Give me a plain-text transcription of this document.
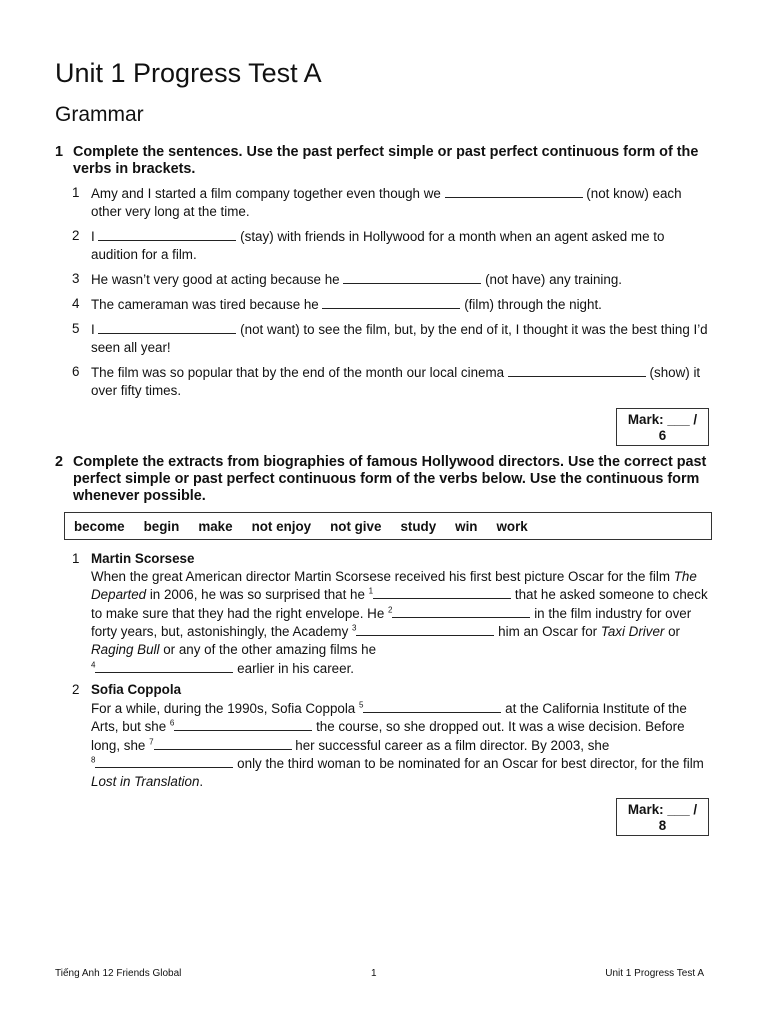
Unit 1 Progress Test A
Grammar
1 Complete the sentences. Use the past perfect simple or past perfect continuous form of the verbs in brackets.
1 Amy and I started a film company together even though we	(not know) each other very long at the time.
2 I	(stay) with friends in Hollywood for a month when an agent asked me to audition for a film.
3 He wasn’t very good at acting because he	(not have) any training.
4 The cameraman was tired because he	(film) through the night.
5 I	(not want) to see the film, but, by the end of it, I thought it was the best thing I’d seen all year!
6 The film was so popular that by the end of the month our local cinema	(show) it over fifty times.
Mark: ___ /
6
2 Complete the extracts from biographies of famous Hollywood directors. Use the correct past perfect simple or past perfect continuous form of the verbs below. Use the continuous form whenever possible.
become begin make not enjoy not give study win work
1 Martin Scorsese
When the great American director Martin Scorsese received his first best picture Oscar for the film The Departed in 2006, he was so surprised that he $^1$	that he asked someone to check to make sure that they had the right envelope. He $^2$	in the film industry for over forty years, but, astonishingly, the Academy $^3$	him an Oscar for Taxi Driver or Raging Bull or any of the other amazing films he
$^4$	earlier in his career.
2 Sofia Coppola
For a while, during the 1990s, Sofia Coppola $^5$	at the California Institute of the Arts, but she $^6$	the course, so she dropped out. It was a wise decision. Before long, she $^7$	her successful career as a film director. By 2003, she
$^8$	only the third woman to be nominated for an Oscar for best director, for the film Lost in Translation.
Mark: ___ /
8
Tiếng Anh 12 Friends Global	1	Unit 1 Progress Test A
